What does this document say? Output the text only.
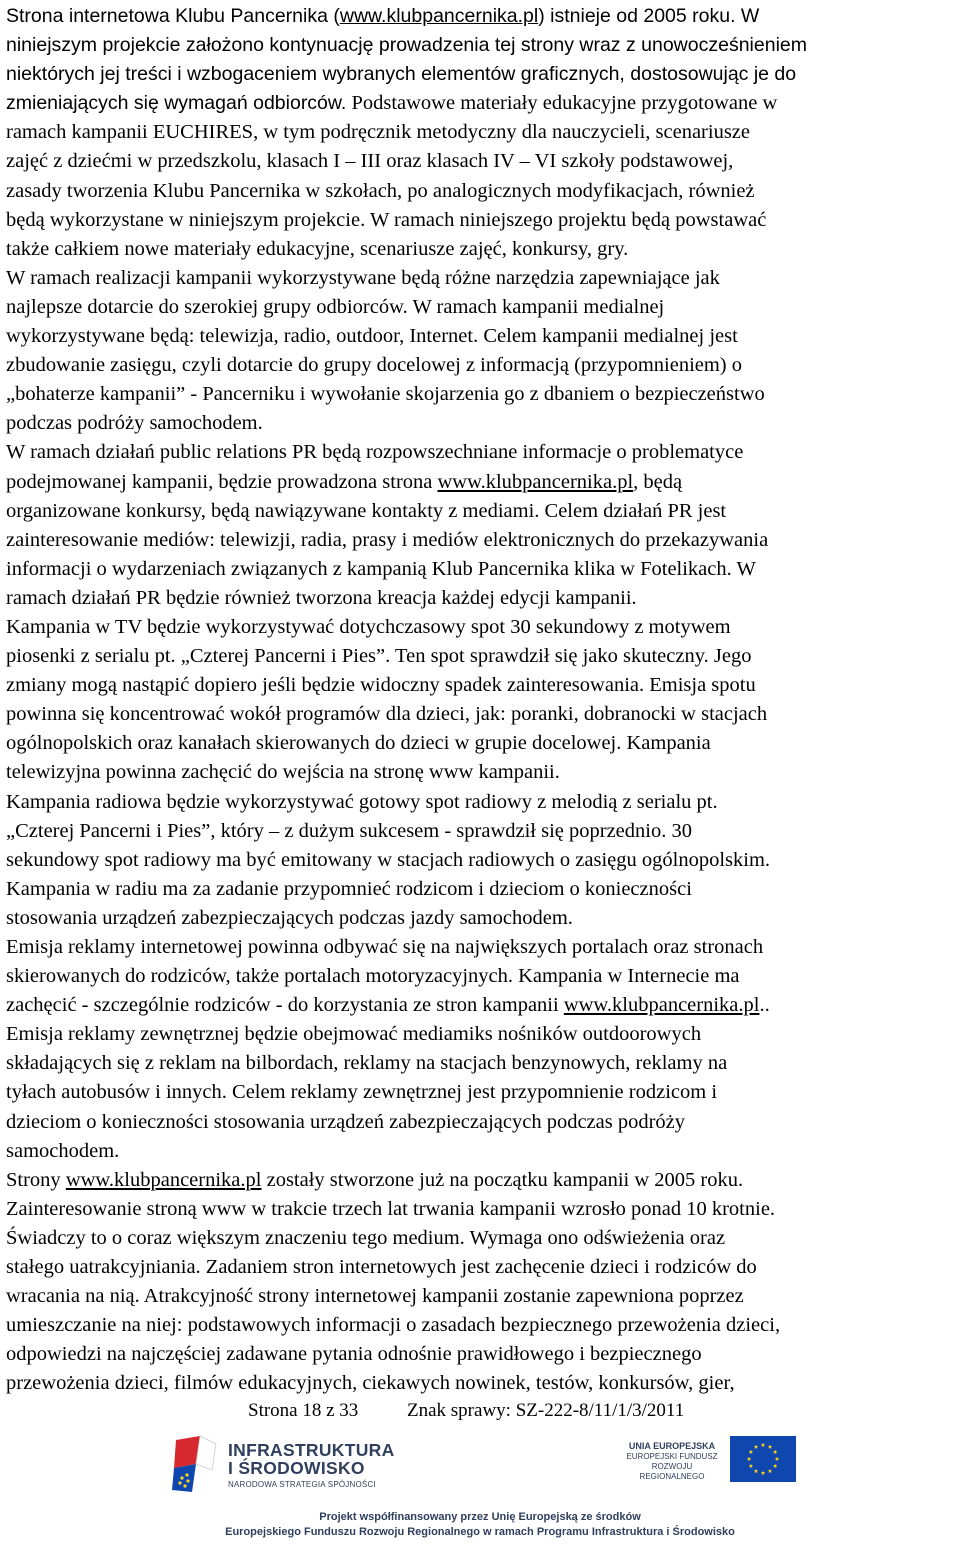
Strona internetowa Klubu Pancernika (www.klubpancernika.pl) istnieje od 2005 roku. W
niniejszym projekcie założono kontynuację prowadzenia tej strony wraz z unowocześnieniem
niektórych jej treści i wzbogaceniem wybranych elementów graficznych, dostosowując je do
zmieniających się wymagań odbiorców. Podstawowe materiały edukacyjne przygotowane w
ramach kampanii EUCHIRES, w tym podręcznik metodyczny dla nauczycieli, scenariusze
zajęć z dziećmi w przedszkolu, klasach I – III oraz klasach IV – VI szkoły podstawowej,
zasady tworzenia Klubu Pancernika w szkołach, po analogicznych modyfikacjach, również
będą wykorzystane w niniejszym projekcie. W ramach niniejszego projektu będą powstawać
także całkiem nowe materiały edukacyjne, scenariusze zajęć, konkursy, gry.
W ramach realizacji kampanii wykorzystywane będą różne narzędzia zapewniające jak
najlepsze dotarcie do szerokiej grupy odbiorców. W ramach kampanii medialnej
wykorzystywane będą: telewizja, radio, outdoor, Internet. Celem kampanii medialnej jest
zbudowanie zasięgu, czyli dotarcie do grupy docelowej z informacją (przypomnieniem) o
„bohaterze kampanii” - Pancerniku i wywołanie skojarzenia go z dbaniem o bezpieczeństwo
podczas podróży samochodem.
W ramach działań public relations PR będą rozpowszechniane informacje o problematyce
podejmowanej kampanii, będzie prowadzona strona www.klubpancernika.pl, będą
organizowane konkursy, będą nawiązywane kontakty z mediami. Celem działań PR jest
zainteresowanie mediów: telewizji, radia, prasy i mediów elektronicznych do przekazywania
informacji o wydarzeniach związanych z kampanią Klub Pancernika klika w Fotelikach. W
ramach działań PR będzie również tworzona kreacja każdej edycji kampanii.
Kampania w TV będzie wykorzystywać dotychczasowy spot 30 sekundowy z motywem
piosenki z serialu pt. „Czterej Pancerni i Pies”. Ten spot sprawdził się jako skuteczny. Jego
zmiany mogą nastąpić dopiero jeśli będzie widoczny spadek zainteresowania. Emisja spotu
powinna się koncentrować wokół programów dla dzieci, jak: poranki, dobranocki w stacjach
ogólnopolskich oraz kanałach skierowanych do dzieci w grupie docelowej. Kampania
telewizyjna powinna zachęcić do wejścia na stronę www kampanii.
Kampania radiowa będzie wykorzystywać gotowy spot radiowy z melodią z serialu pt.
„Czterej Pancerni i Pies”, który – z dużym sukcesem - sprawdził się poprzednio. 30
sekundowy spot radiowy ma być emitowany w stacjach radiowych o zasięgu ogólnopolskim.
Kampania w radiu ma za zadanie przypomnieć rodzicom i dzieciom o konieczności
stosowania urządzeń zabezpieczających podczas jazdy samochodem.
Emisja reklamy internetowej powinna odbywać się na największych portalach oraz stronach
skierowanych do rodziców, także portalach motoryzacyjnych. Kampania w Internecie ma
zachęcić - szczególnie rodziców - do korzystania ze stron kampanii www.klubpancernika.pl..
Emisja reklamy zewnętrznej będzie obejmować mediamiks nośników outdoorowych
składających się z reklam na bilbordach, reklamy na stacjach benzynowych, reklamy na
tyłach autobusów i innych. Celem reklamy zewnętrznej jest przypomnienie rodzicom i
dzieciom o konieczności stosowania urządzeń zabezpieczających podczas podróży
samochodem.
Strony www.klubpancernika.pl zostały stworzone już na początku kampanii w 2005 roku.
Zainteresowanie stroną www w trakcie trzech lat trwania kampanii wzrosło ponad 10 krotnie.
Świadczy to o coraz większym znaczeniu tego medium. Wymaga ono odświeżenia oraz
stałego uatrakcyjniania. Zadaniem stron internetowych jest zachęcenie dzieci i rodziców do
wracania na nią. Atrakcyjność strony internetowej kampanii zostanie zapewniona poprzez
umieszczanie na niej: podstawowych informacji o zasadach bezpiecznego przewożenia dzieci,
odpowiedzi na najczęściej zadawane pytania odnośnie prawidłowego i bezpiecznego
przewożenia dzieci, filmów edukacyjnych, ciekawych nowinek, testów, konkursów, gier,
Strona 18 z 33	Znak sprawy: SZ-222-8/11/1/3/2011
INFRASTRUKTURA
I ŚRODOWISKO
NARODOWA STRATEGIA SPÓJNOŚCI
UNIA EUROPEJSKA
EUROPEJSKI FUNDUSZ
ROZWOJU REGIONALNEGO
Projekt współfinansowany przez Unię Europejską ze środków
Europejskiego Funduszu Rozwoju Regionalnego w ramach Programu Infrastruktura i Środowisko
